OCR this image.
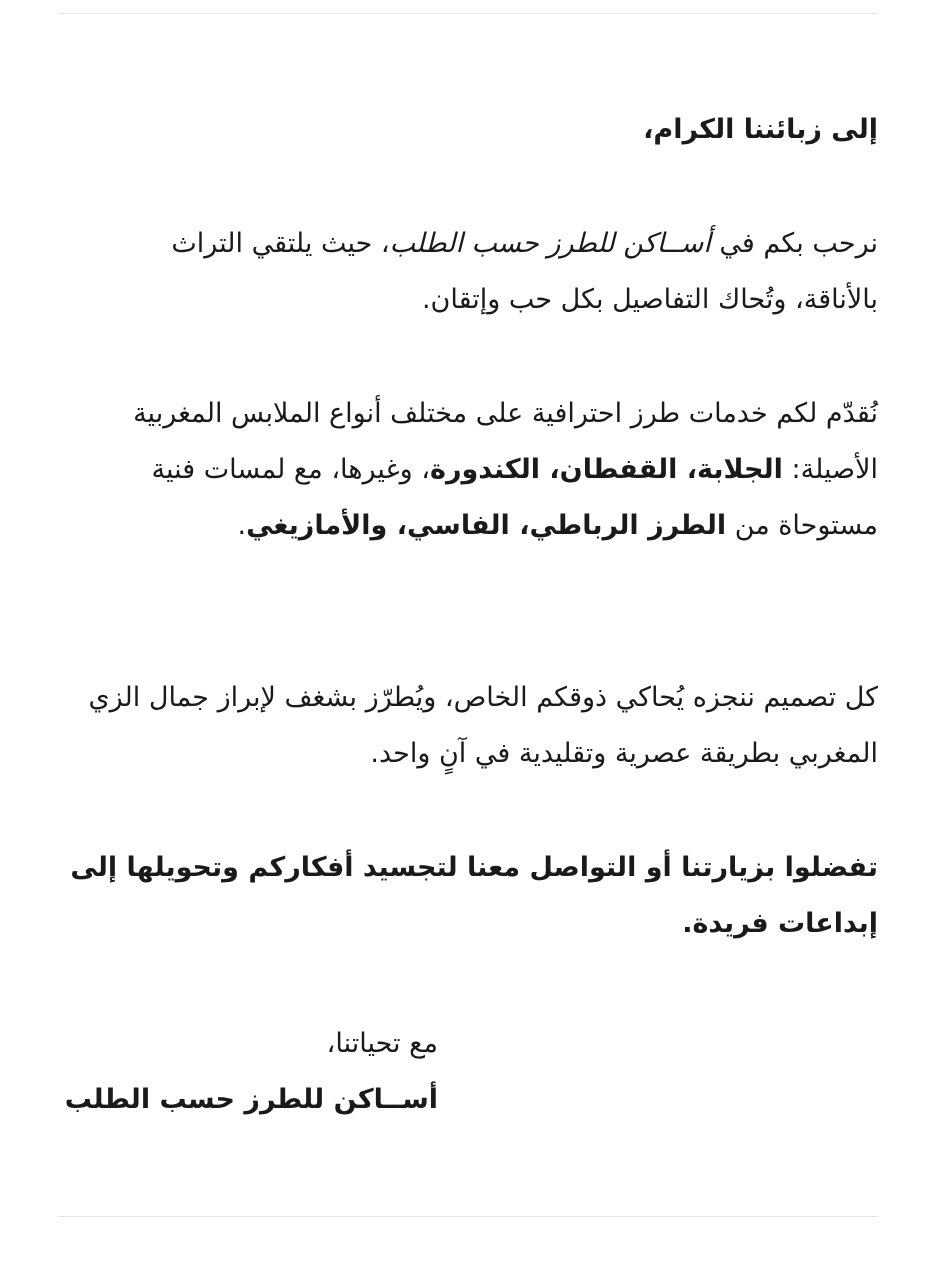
إلى زبائننا الكرام،

نرحب بكم في أســاكن للطرز حسب الطلب، حيث يلتقي التراث بالأناقة، وتُحاك التفاصيل بكل حب وإتقان.

نُقدّم لكم خدمات طرز احترافية على مختلف أنواع الملابس المغربية الأصيلة: الجلابة، القفطان، الكندورة، وغيرها، مع لمسات فنية مستوحاة من الطرز الرباطي، الفاسي، والأمازيغي.

كل تصميم ننجزه يُحاكي ذوقكم الخاص، ويُطرّز بشغف لإبراز جمال الزي المغربي بطريقة عصرية وتقليدية في آنٍ واحد.

تفضلوا بزيارتنا أو التواصل معنا لتجسيد أفكاركم وتحويلها إلى إبداعات فريدة.

مع تحياتنا،

أســاكن للطرز حسب الطلب
